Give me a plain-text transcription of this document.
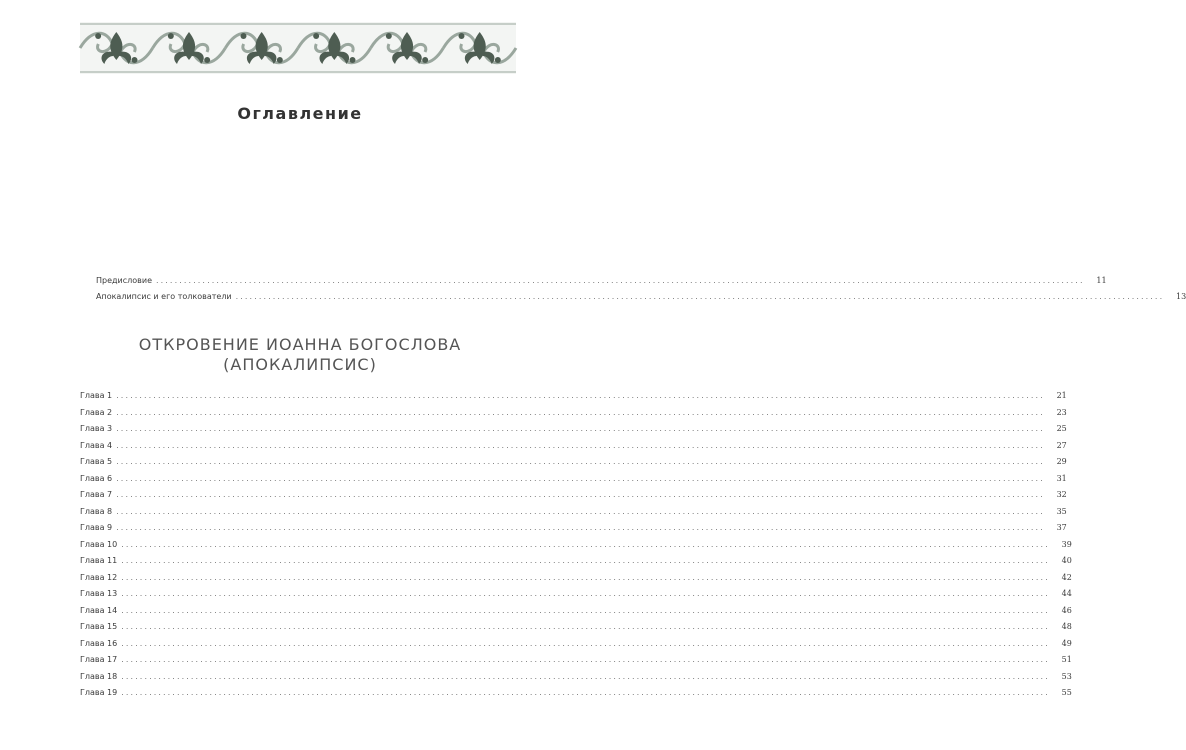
Оглавление
Предисловие ........................................................................................................................................................................................................	11
Апокалипсис и его толкователи ........................................................................................................................................................................................................	13
ОТКРОВЕНИЕ ИОАННА БОГОСЛОВА
(АПОКАЛИПСИС)
Глава 1 ........................................................................................................................................................................................................	21
Глава 2 ........................................................................................................................................................................................................	23
Глава 3 ........................................................................................................................................................................................................	25
Глава 4 ........................................................................................................................................................................................................	27
Глава 5 ........................................................................................................................................................................................................	29
Глава 6 ........................................................................................................................................................................................................	31
Глава 7 ........................................................................................................................................................................................................	32
Глава 8 ........................................................................................................................................................................................................	35
Глава 9 ........................................................................................................................................................................................................	37
Глава 10 ........................................................................................................................................................................................................	39
Глава 11 ........................................................................................................................................................................................................	40
Глава 12 ........................................................................................................................................................................................................	42
Глава 13 ........................................................................................................................................................................................................	44
Глава 14 ........................................................................................................................................................................................................	46
Глава 15 ........................................................................................................................................................................................................	48
Глава 16 ........................................................................................................................................................................................................	49
Глава 17 ........................................................................................................................................................................................................	51
Глава 18 ........................................................................................................................................................................................................	53
Глава 19 ........................................................................................................................................................................................................	55
